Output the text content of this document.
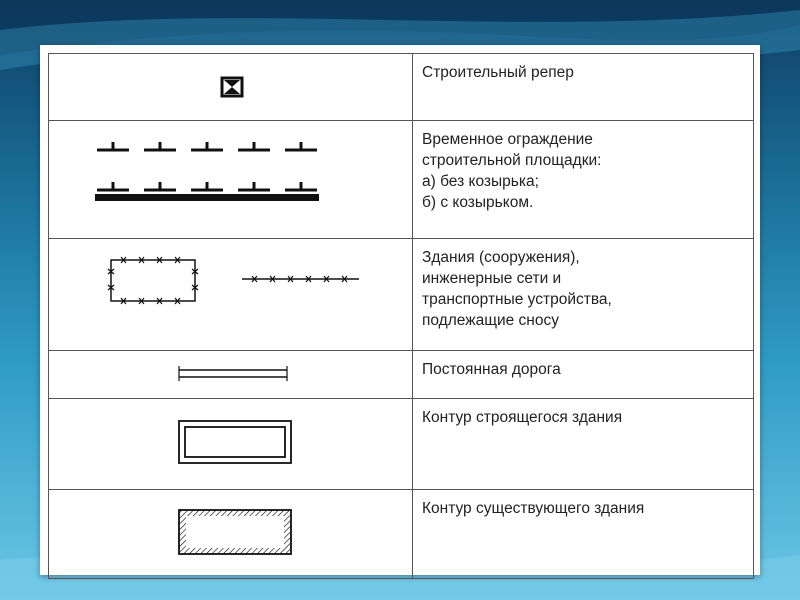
Строительный репер

Временное ограждение
строительной площадки:
а) без козырька;
б) с козырьком.

Здания (сооружения),
инженерные сети и
транспортные устройства,
подлежащие сносу

Постоянная дорога

Контур строящегося здания

Контур существующего здания
